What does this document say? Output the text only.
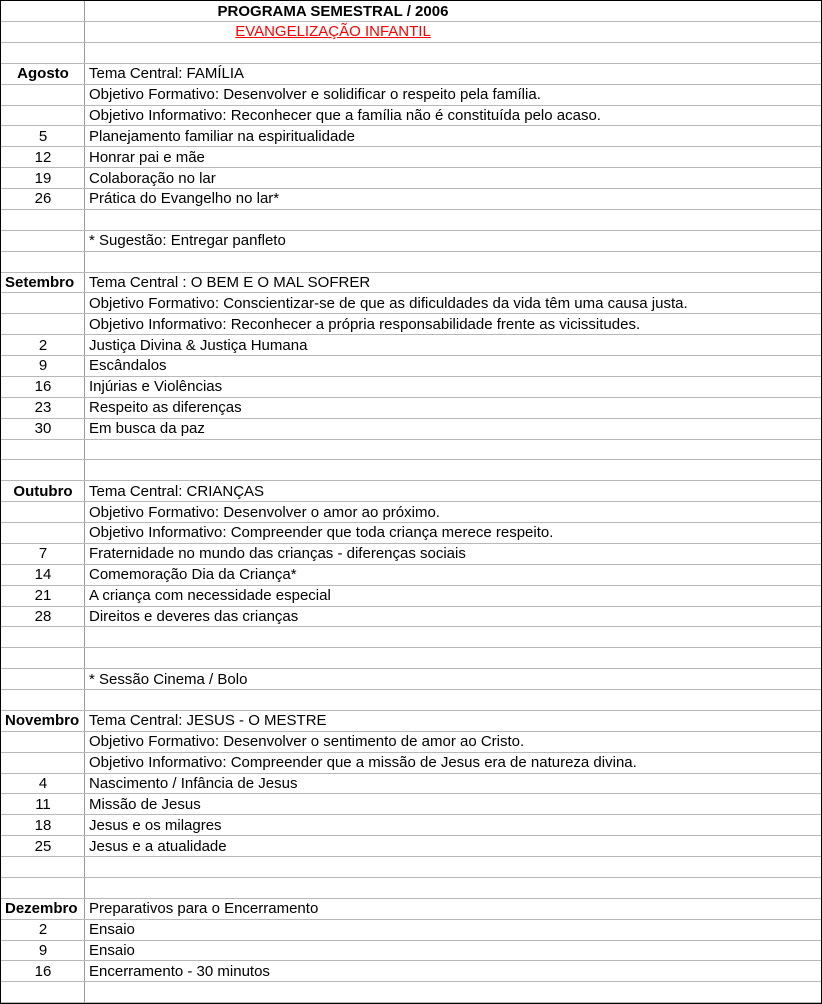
PROGRAMA SEMESTRAL / 2006
EVANGELIZAÇÃO INFANTIL
Agosto	Tema Central: FAMÍLIA
Objetivo Formativo: Desenvolver e solidificar o respeito pela família.
Objetivo Informativo: Reconhecer que a família não é constituída pelo acaso.
5	Planejamento familiar na espiritualidade
12	Honrar pai e mãe
19	Colaboração no lar
26	Prática do Evangelho no lar*
* Sugestão: Entregar panfleto
Setembro Tema Central : O BEM E O MAL SOFRER
Objetivo Formativo: Conscientizar-se de que as dificuldades da vida têm uma causa justa.
Objetivo Informativo: Reconhecer a própria responsabilidade frente as vicissitudes.
2	Justiça Divina & Justiça Humana
9	Escândalos
16	Injúrias e Violências
23	Respeito as diferenças
30	Em busca da paz
Outubro	Tema Central: CRIANÇAS
Objetivo Formativo: Desenvolver o amor ao próximo.
Objetivo Informativo: Compreender que toda criança merece respeito.
7	Fraternidade no mundo das crianças - diferenças sociais
14	Comemoração Dia da Criança*
21	A criança com necessidade especial
28	Direitos e deveres das crianças
* Sessão Cinema / Bolo
Novembro Tema Central: JESUS - O MESTRE
Objetivo Formativo: Desenvolver o sentimento de amor ao Cristo.
Objetivo Informativo: Compreender que a missão de Jesus era de natureza divina.
4	Nascimento / Infância de Jesus
11	Missão de Jesus
18	Jesus e os milagres
25	Jesus e a atualidade
Dezembro Preparativos para o Encerramento
2	Ensaio
9	Ensaio
16	Encerramento - 30 minutos
